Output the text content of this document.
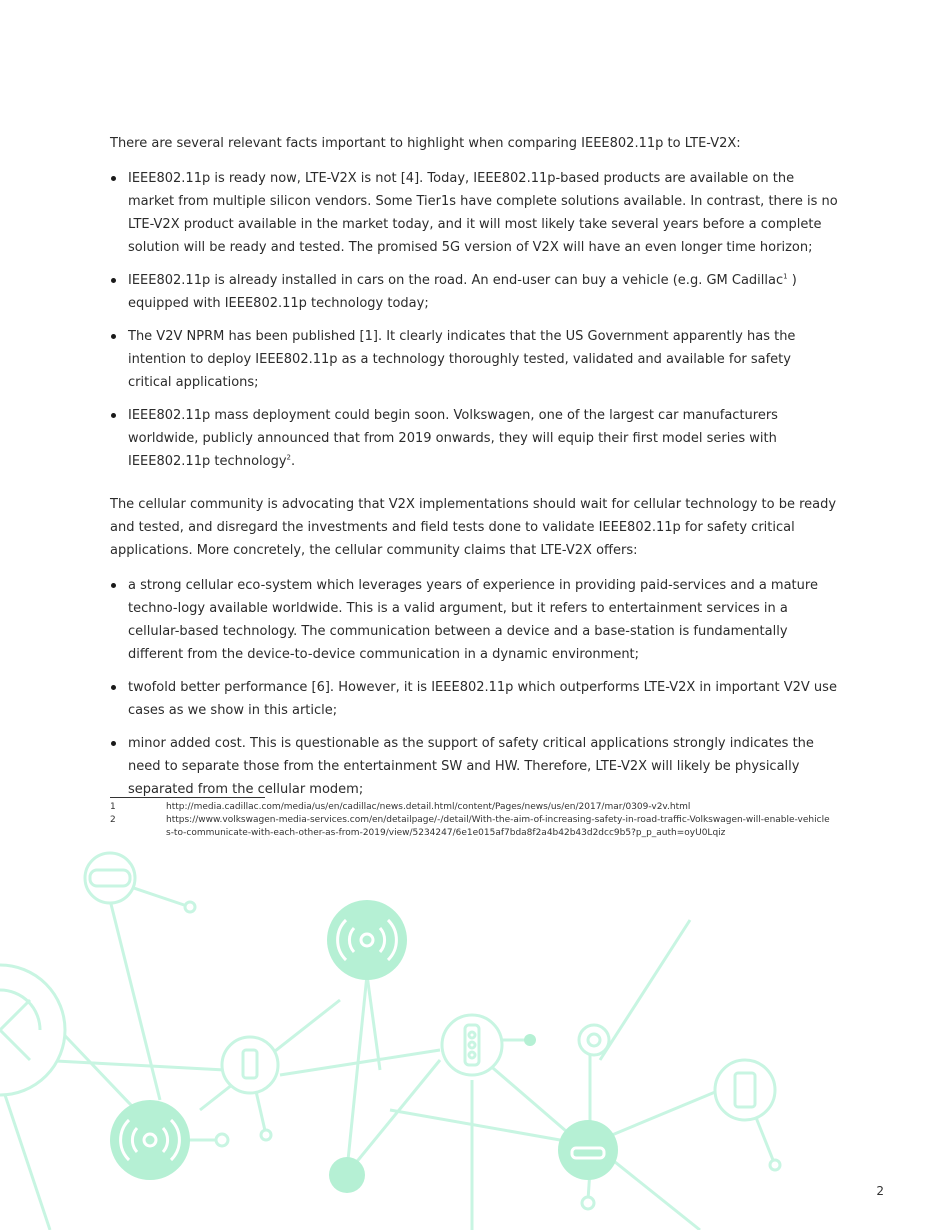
There are several relevant facts important to highlight when comparing IEEE802.11p to LTE-V2X:

IEEE802.11p is ready now, LTE-V2X is not [4]. Today, IEEE802.11p-based products are available on the market from multiple silicon vendors. Some Tier1s have complete solutions available. In contrast, there is no LTE-V2X product available in the market today, and it will most likely take several years before a complete solution will be ready and tested. The promised 5G version of V2X will have an even longer time horizon;
IEEE802.11p is already installed in cars on the road. An end-user can buy a vehicle (e.g. GM Cadillac$^1$ ) equipped with IEEE802.11p technology today;
The V2V NPRM has been published [1]. It clearly indicates that the US Government apparently has the intention to deploy IEEE802.11p as a technology thoroughly tested, validated and available for safety critical applications;
IEEE802.11p mass deployment could begin soon. Volkswagen, one of the largest car manufacturers worldwide, publicly announced that from 2019 onwards, they will equip their first model series with IEEE802.11p technology$^2$.

The cellular community is advocating that V2X implementations should wait for cellular technology to be ready and tested, and disregard the investments and field tests done to validate IEEE802.11p for safety critical applications. More concretely, the cellular community claims that LTE-V2X offers:

a strong cellular eco-system which leverages years of experience in providing paid-services and a mature techno-logy available worldwide. This is a valid argument, but it refers to entertainment services in a cellular-based technology. The communication between a device and a base-station is fundamentally different from the device-to-device communication in a dynamic environment;
twofold better performance [6]. However, it is IEEE802.11p which outperforms LTE-V2X in important V2V use cases as we show in this article;
minor added cost. This is questionable as the support of safety critical applications strongly indicates the need to separate those from the entertainment SW and HW. Therefore, LTE-V2X will likely be physically separated from the cellular modem;
1	http://media.cadillac.com/media/us/en/cadillac/news.detail.html/content/Pages/news/us/en/2017/mar/0309-v2v.html
2	https://www.volkswagen-media-services.com/en/detailpage/-/detail/With-the-aim-of-increasing-safety-in-road-traffic-Volkswagen-will-enable-vehicles-to-communicate-with-each-other-as-from-2019/view/5234247/6e1e015af7bda8f2a4b42b43d2dcc9b5?p_p_auth=oyU0Lqiz
2
